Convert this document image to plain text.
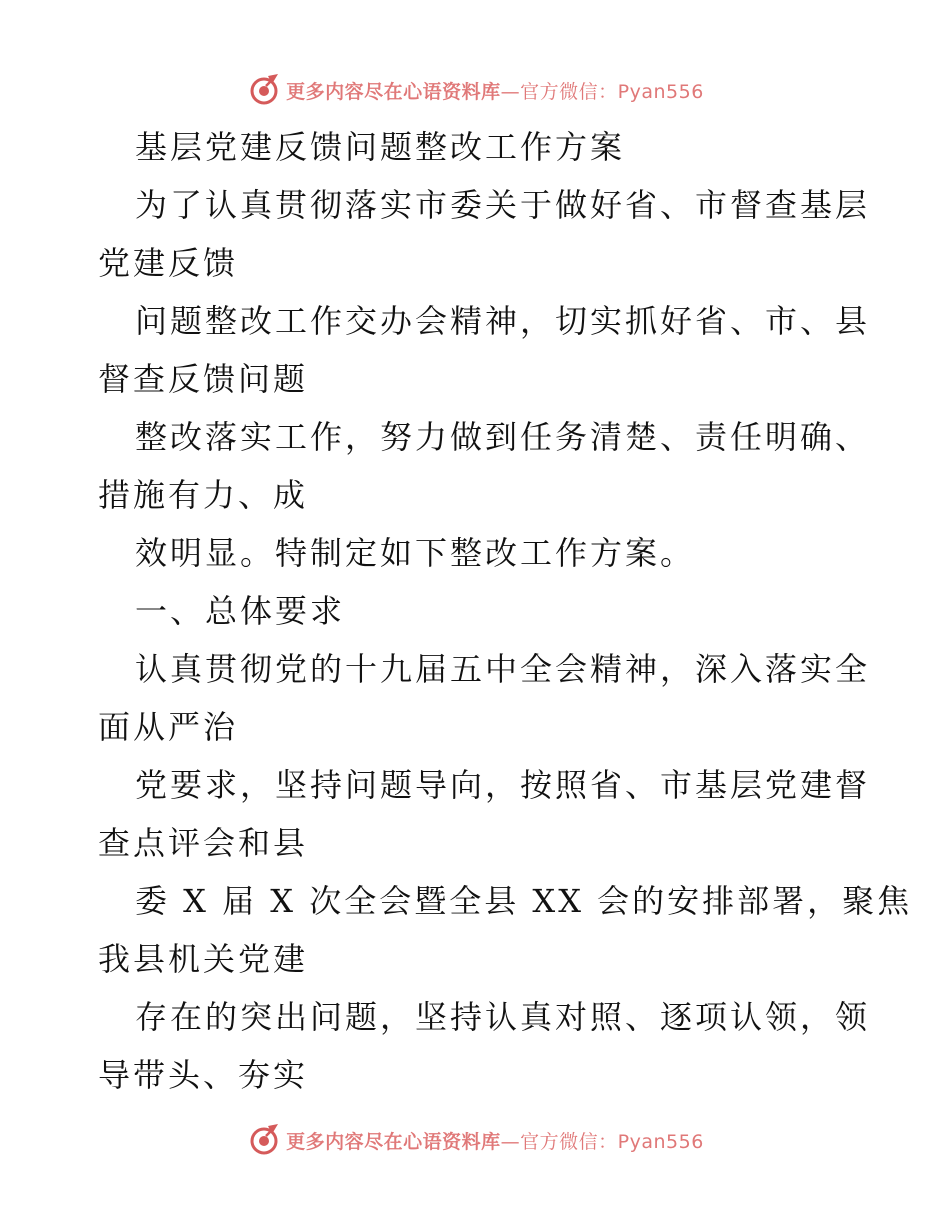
更多内容尽在心语资料库—官方微信：Pyan556
基层党建反馈问题整改工作方案
为了认真贯彻落实市委关于做好省、市督查基层
党建反馈
问题整改工作交办会精神，切实抓好省、市、县
督查反馈问题
整改落实工作，努力做到任务清楚、责任明确、
措施有力、成
效明显。特制定如下整改工作方案。
一、总体要求
认真贯彻党的十九届五中全会精神，深入落实全
面从严治
党要求，坚持问题导向，按照省、市基层党建督
查点评会和县
委 X 届 X 次全会暨全县 XX 会的安排部署，聚焦
我县机关党建
存在的突出问题，坚持认真对照、逐项认领，领
导带头、夯实
更多内容尽在心语资料库—官方微信：Pyan556
